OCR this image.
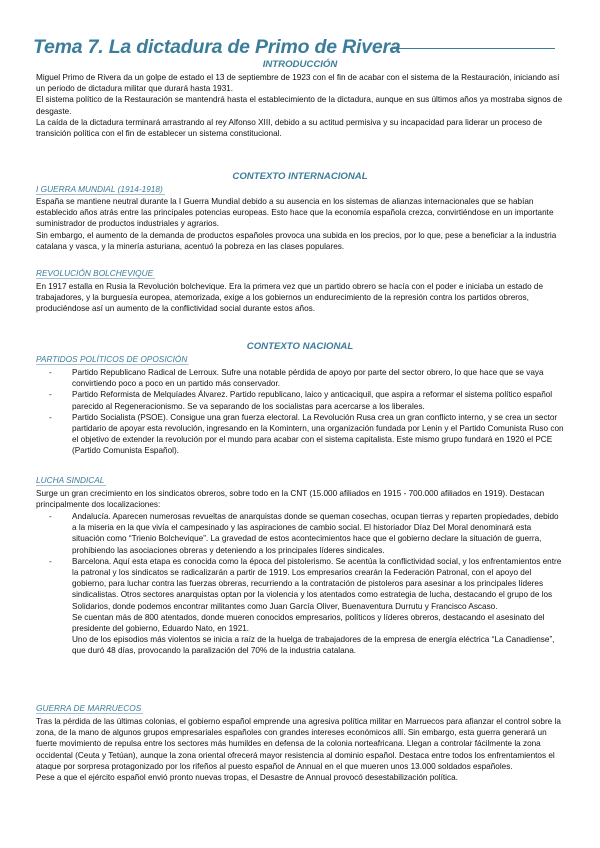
Tema 7. La dictadura de Primo de Rivera
INTRODUCCIÓN

Miguel Primo de Rivera da un golpe de estado el 13 de septiembre de 1923 con el fin de acabar con el sistema de la Restauración, iniciando así un periodo de dictadura militar que durará hasta 1931.

El sistema político de la Restauración se mantendrá hasta el establecimiento de la dictadura, aunque en sus últimos años ya mostraba signos de desgaste.

La caída de la dictadura terminará arrastrando al rey Alfonso XIII, debido a su actitud permisiva y su incapacidad para liderar un proceso de transición política con el fin de establecer un sistema constitucional.

CONTEXTO INTERNACIONAL
I GUERRA MUNDIAL (1914-1918)

España se mantiene neutral durante la I Guerra Mundial debido a su ausencia en los sistemas de alianzas internacionales que se habían establecido años atrás entre las principales potencias europeas. Esto hace que la economía española crezca, convirtiéndose en un importante suministrador de productos industriales y agrarios.

Sin embargo, el aumento de la demanda de productos españoles provoca una subida en los precios, por lo que, pese a beneficiar a la industria catalana y vasca, y la minería asturiana, acentuó la pobreza en las clases populares.

REVOLUCIÓN BOLCHEVIQUE

En 1917 estalla en Rusia la Revolución bolchevique. Era la primera vez que un partido obrero se hacía con el poder e iniciaba un estado de trabajadores, y la burguesía europea, atemorizada, exige a los gobiernos un endurecimiento de la represión contra los partidos obreros, produciéndose así un aumento de la conflictividad social durante estos años.

CONTEXTO NACIONAL
PARTIDOS POLÍTICOS DE OPOSICIÓN
- Partido Republicano Radical de Lerroux. Sufre una notable pérdida de apoyo por parte del sector obrero, lo que hace que se vaya convirtiendo poco a poco en un partido más conservador.

- Partido Reformista de Melquíades Álvarez. Partido republicano, laico y anticaciquil, que aspira a reformar el sistema político español parecido al Regeneracionismo. Se va separando de los socialistas para acercarse a los liberales.

- Partido Socialista (PSOE). Consigue una gran fuerza electoral. La Revolución Rusa crea un gran conflicto interno, y se crea un sector partidario de apoyar esta revolución, ingresando en la Komintern, una organización fundada por Lenin y el Partido Comunista Ruso con el objetivo de extender la revolución por el mundo para acabar con el sistema capitalista. Este mismo grupo fundará en 1920 el PCE (Partido Comunista Español).

LUCHA SINDICAL
Surge un gran crecimiento en los sindicatos obreros, sobre todo en la CNT (15.000 afiliados en 1915 - 700.000 afiliados en 1919). Destacan principalmente dos localizaciones:
- Andalucía. Aparecen numerosas revueltas de anarquistas donde se queman cosechas, ocupan tierras y reparten propiedades, debido a la miseria en la que vivía el campesinado y las aspiraciones de cambio social. El historiador Díaz Del Moral denominará esta situación como “Trienio Bolchevique”. La gravedad de estos acontecimientos hace que el gobierno declare la situación de guerra, prohibiendo las asociaciones obreras y deteniendo a los principales líderes sindicales.

- Barcelona. Aquí esta etapa es conocida como la época del pistolerismo. Se acentúa la conflictividad social, y los enfrentamientos entre la patronal y los sindicatos se radicalizarán a partir de 1919. Los empresarios crearán la Federación Patronal, con el apoyo del gobierno, para luchar contra las fuerzas obreras, recurriendo a la contratación de pistoleros para asesinar a los principales líderes sindicalistas. Otros sectores anarquistas optan por la violencia y los atentados como estrategia de lucha, destacando el grupo de los Solidarios, donde podemos encontrar militantes como Juan García Oliver, Buenaventura Durrutu y Francisco Ascaso.

Se cuentan más de 800 atentados, donde mueren conocidos empresarios, políticos y líderes obreros, destacando el asesinato del presidente del gobierno, Eduardo Nato, en 1921.

Uno de los episodios más violentos se inicia a raíz de la huelga de trabajadores de la empresa de energía eléctrica “La Canadiense”, que duró 48 días, provocando la paralización del 70% de la industria catalana.

GUERRA DE MARRUECOS

Tras la pérdida de las últimas colonias, el gobierno español emprende una agresiva política militar en Marruecos para afianzar el control sobre la zona, de la mano de algunos grupos empresariales españoles con grandes intereses económicos allí. Sin embargo, esta guerra generará un fuerte movimiento de repulsa entre los sectores más humildes en defensa de la colonia norteafricana. Llegan a controlar fácilmente la zona occidental (Ceuta y Tetúan), aunque la zona oriental ofrecerá mayor resistencia al dominio español. Destaca entre todos los enfrentamientos el ataque por sorpresa protagonizado por los rifeños al puesto español de Annual en el que mueren unos 13.000 soldados españoles.

Pese a que el ejército español envió pronto nuevas tropas, el Desastre de Annual provocó desestabilización política.
